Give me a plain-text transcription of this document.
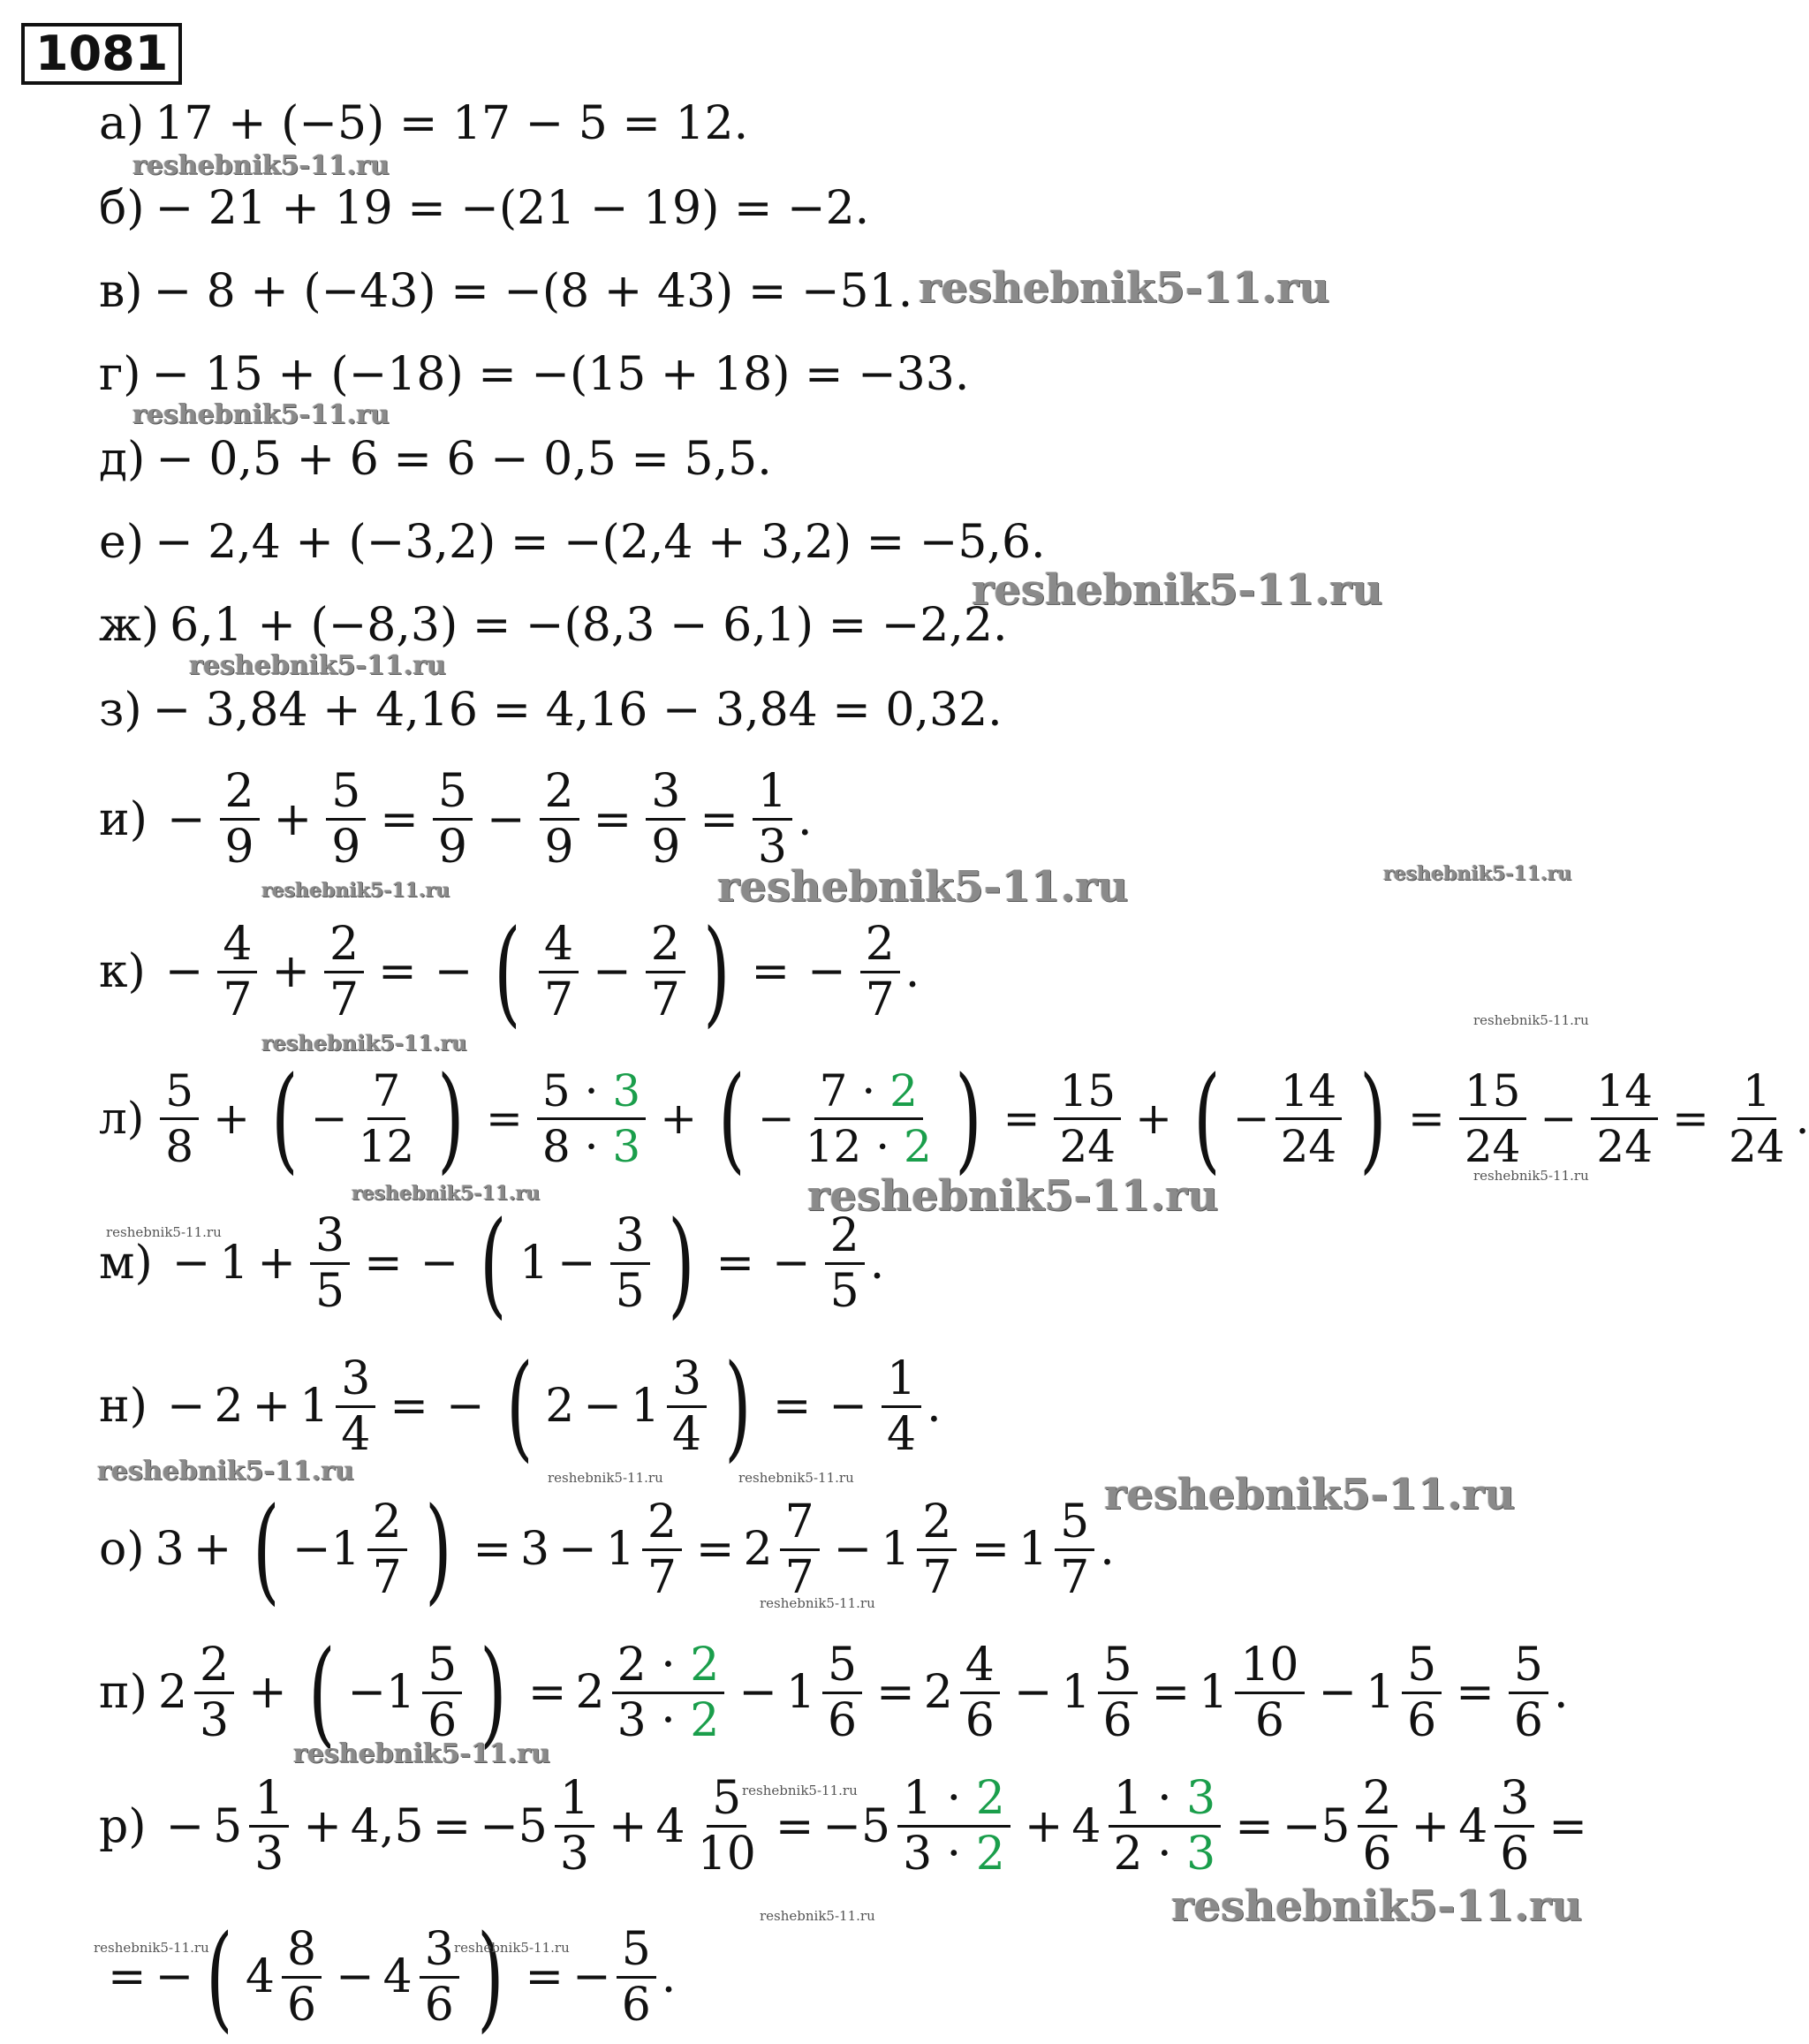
1081
а) 17 + (−5) = 17 − 5 = 12.
б) − 21 + 19 = −(21 − 19) = −2.
в) − 8 + (−43) = −(8 + 43) = −51.
г) − 15 + (−18) = −(15 + 18) = −33.
д) − 0,5 + 6 = 6 − 0,5 = 5,5.
е) − 2,4 + (−3,2) = −(2,4 + 3,2) = −5,6.
ж) 6,1 + (−8,3) = −(8,3 − 6,1) = −2,2.
з) − 3,84 + 4,16 = 4,16 − 3,84 = 0,32.
$и) - \frac{2}{9} + \frac{5}{9} = \frac{5}{9} - \frac{2}{9} = \frac{3}{9} = \frac{1}{3}$ .
$к) - \frac{4}{7} + \frac{2}{7}$ = − ( $\frac{4}{7} - \frac{2}{7}$ ) = − $\frac{2}{7}$ .
$л) \frac{5}{8}$ + ( − $\frac{7}{12}$ ) = $\frac{5 \cdot 3}{8 \cdot 3}$ + ( − $\frac{7 \cdot 2}{12 \cdot 2}$ ) = $\frac{15}{24}$ + ( − $\frac{14}{24}$ ) = $\frac{15}{24} - \frac{14}{24} = \frac{1}{24}$ .
$м) - 1 + \frac{3}{5}$ = − ( $1 - \frac{3}{5}$ ) = − $\frac{2}{5}$ .
$н) - 2 + 1 \frac{3}{4}$ = − ( $2 - 1 \frac{3}{4}$ ) = − $\frac{1}{4}$ .
о) 3 + ( − $1 \frac{2}{7}$ ) = $3 - 1 \frac{2}{7} = 2 \frac{7}{7} - 1 \frac{2}{7} = 1 \frac{5}{7}$ .
п) $2 \frac{2}{3}$ + ( − $1 \frac{5}{6}$ ) = $2 \frac{2 \cdot 2}{3 \cdot 2} - 1 \frac{5}{6} = 2 \frac{4}{6} - 1 \frac{5}{6} = 1 \frac{10}{6} - 1 \frac{5}{6} = \frac{5}{6}$ .
$р) - 5 \frac{1}{3} + 4,5$ = − $5 \frac{1}{3} + 4 \frac{5}{10}$ = − $5 \frac{1 \cdot 2}{3 \cdot 2} + 4 \frac{1 \cdot 3}{2 \cdot 3}$ = − $5 \frac{2}{6} + 4 \frac{3}{6}$ =
= − ( $4 \frac{8}{6} - 4 \frac{3}{6}$ ) = − $\frac{5}{6}$ .
reshebnik5-11.ru
reshebnik5-11.ru
reshebnik5-11.ru
reshebnik5-11.ru
reshebnik5-11.ru
reshebnik5-11.ru	reshebnik5-11.ru	reshebnik5-11.ru
reshebnik5-11.ru
reshebnik5-11.ru
reshebnik5-11.ru
reshebnik5-11.ru
reshebnik5-11.ru
reshebnik5-11.ru
reshebnik5-11.ru	reshebnik5-11.ru	reshebnik5-11.ru	reshebnik5-11.ru
reshebnik5-11.ru
reshebnik5-11.ru
reshebnik5-11.ru
reshebnik5-11.ru	reshebnik5-11.ru
reshebnik5-11.ru	reshebnik5-11.ru
